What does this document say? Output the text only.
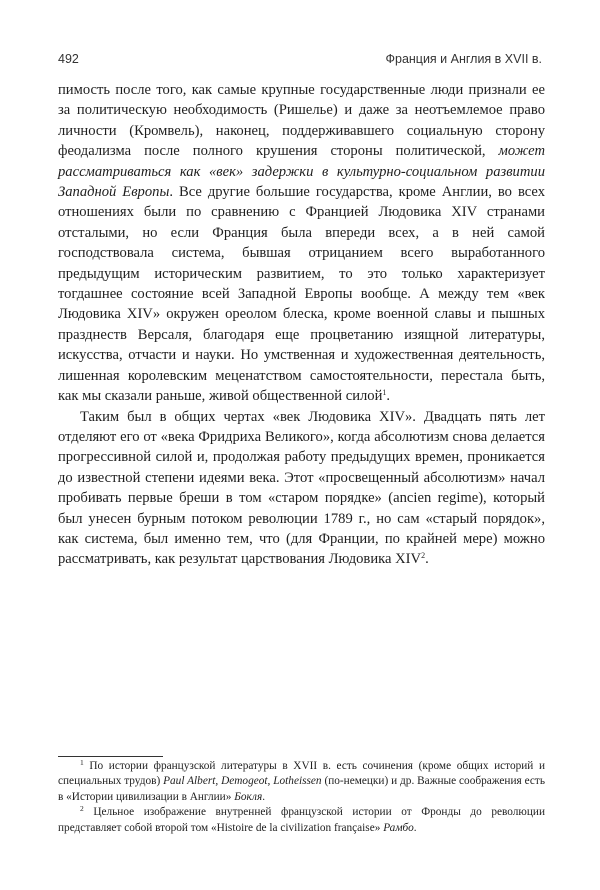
492	Франция и Англия в XVII в.

пимость после того, как самые крупные государственные люди признали ее за политическую необходимость (Ришелье) и даже за неотъемлемое право личности (Кромвель), наконец, поддерживавшего социальную сторону феодализма после полного крушения стороны политической, может рассматриваться как «век» задержки в культурно-социальном развитии Западной Европы. Все другие большие государства, кроме Англии, во всех отношениях были по сравнению с Францией Людовика XIV странами отсталыми, но если Франция была впереди всех, а в ней самой господствовала система, бывшая отрицанием всего выработанного предыдущим историческим развитием, то это только характеризует тогдашнее состояние всей Западной Европы вообще. А между тем «век Людовика XIV» окружен ореолом блеска, кроме военной славы и пышных празднеств Версаля, благодаря еще процветанию изящной литературы, искусства, отчасти и науки. Но умственная и художественная деятельность, лишенная королевским меценатством самостоятельности, перестала быть, как мы сказали раньше, живой общественной силой$^1$.

Таким был в общих чертах «век Людовика XIV». Двадцать пять лет отделяют его от «века Фридриха Великого», когда абсолютизм снова делается прогрессивной силой и, продолжая работу предыдущих времен, проникается до известной степени идеями века. Этот «просвещенный абсолютизм» начал пробивать первые бреши в том «старом порядке» (ancien regime), который был унесен бурным потоком революции 1789 г., но сам «старый порядок», как система, был именно тем, что (для Франции, по крайней мере) можно рассматривать, как результат царствования Людовика XIV$^2$.

$^1$ По истории французской литературы в XVII в. есть сочинения (кроме общих историй и специальных трудов) Paul Albert, Demogeot, Lotheissen (по-немецки) и др. Важные соображения есть в «Истории цивилизации в Англии» Бокля.

$^2$ Цельное изображение внутренней французской истории от Фронды до революции представляет собой второй том «Histoire de la civilization française» Рамбо.
